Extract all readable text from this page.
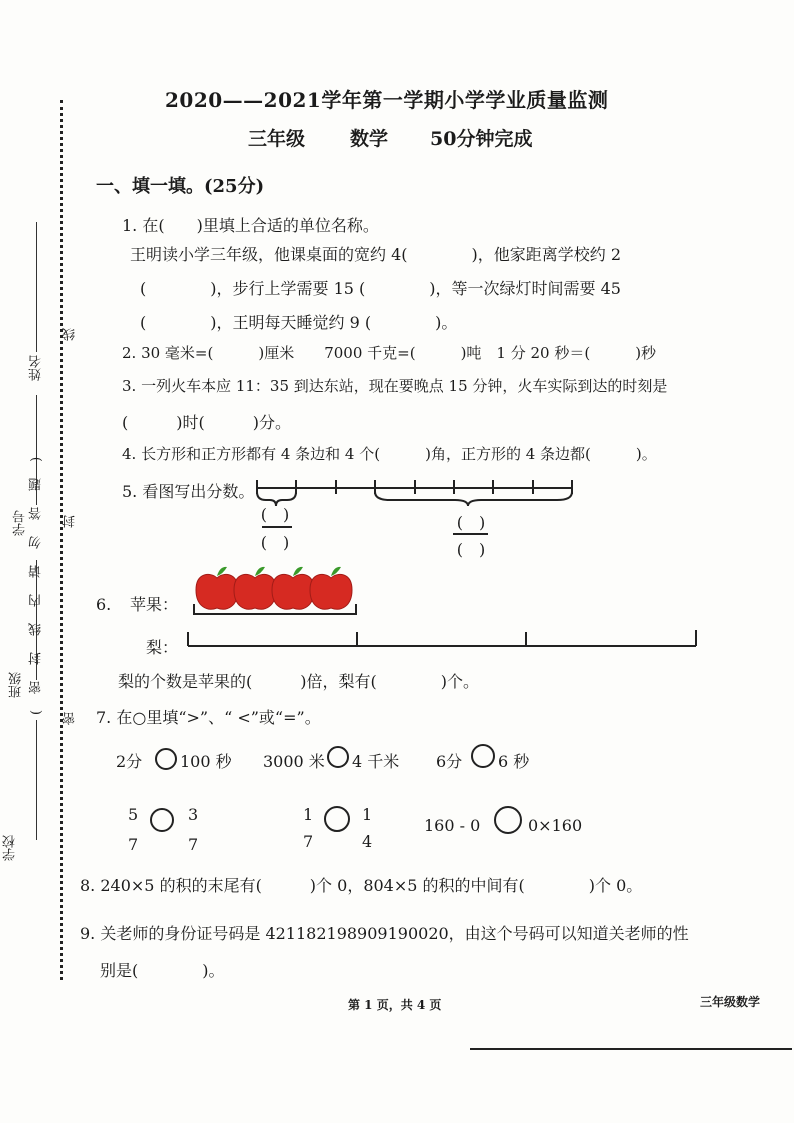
姓名
学号
班级
学校
(密封线内请勿答题)
线
封
密
2020——2021学年第一学期小学学业质量监测
三年级 数学 50分钟完成
一、填一填。(25分)
1. 在(　　)里填上合适的单位名称。
王明读小学三年级，他课桌面的宽约 4(　　　　)，他家距离学校约 2
(　　　　)，步行上学需要 15 (　　　　)，等一次绿灯时间需要 45
(　　　　)，王明每天睡觉约 9 (　　　　)。
2. 30 毫米=(　　　)厘米　　7000 千克=(　　　)吨　1 分 20 秒＝(　　　)秒
3. 一列火车本应 11：35 到达东站，现在要晚点 15 分钟，火车实际到达的时刻是
(　　　)时(　　　)分。
4. 长方形和正方形都有 4 条边和 4 个(　　　)角，正方形的 4 条边都(　　　)。
5. 看图写出分数。
(　)
(　)
(　)
(　)
6. 苹果：
梨：
梨的个数是苹果的(　　　)倍，梨有(　　　　)个。
7. 在○里填“>”、“ <”或“=”。
2分 100 秒 3000 米 4 千米 6分 6 秒
5
7
3
7
1
7
1
4
160 - 0	0×160
8. 240×5 的积的末尾有(　　　)个 0，804×5 的积的中间有(　　　　)个 0。
9. 关老师的身份证号码是 421182198909190020，由这个号码可以知道关老师的性
别是(　　　　)。
第 1 页，共 4 页	三年级数学
